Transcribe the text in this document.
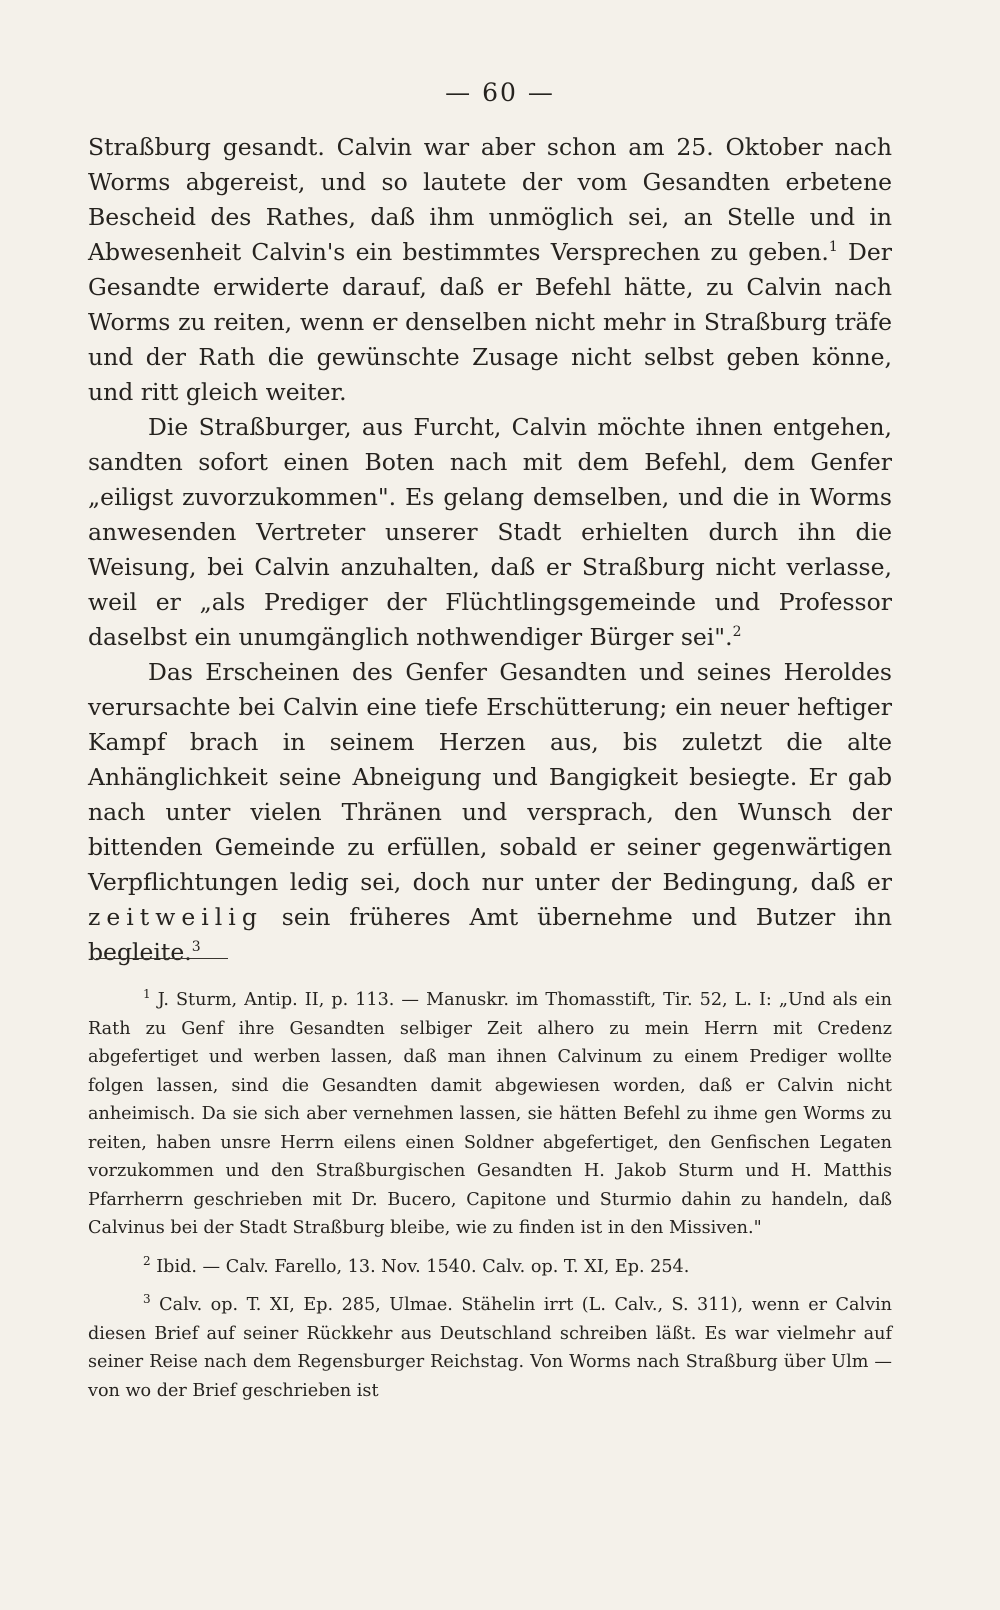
— 60 —

Straßburg gesandt. Calvin war aber schon am 25. Oktober nach Worms abgereist, und so lautete der vom Gesandten erbetene Bescheid des Rathes, daß ihm unmöglich sei, an Stelle und in Abwesenheit Calvin's ein bestimmtes Versprechen zu geben.$^1$ Der Gesandte erwiderte darauf, daß er Befehl hätte, zu Calvin nach Worms zu reiten, wenn er denselben nicht mehr in Straßburg träfe und der Rath die gewünschte Zusage nicht selbst geben könne, und ritt gleich weiter.

Die Straßburger, aus Furcht, Calvin möchte ihnen entgehen, sandten sofort einen Boten nach mit dem Befehl, dem Genfer „eiligst zuvorzukommen". Es gelang demselben, und die in Worms anwesenden Vertreter unserer Stadt erhielten durch ihn die Weisung, bei Calvin anzuhalten, daß er Straßburg nicht verlasse, weil er „als Prediger der Flüchtlingsgemeinde und Professor daselbst ein unumgänglich nothwendiger Bürger sei".$^2$

Das Erscheinen des Genfer Gesandten und seines Heroldes verursachte bei Calvin eine tiefe Erschütterung; ein neuer heftiger Kampf brach in seinem Herzen aus, bis zuletzt die alte Anhänglichkeit seine Abneigung und Bangigkeit besiegte. Er gab nach unter vielen Thränen und versprach, den Wunsch der bittenden Gemeinde zu erfüllen, sobald er seiner gegenwärtigen Verpflichtungen ledig sei, doch nur unter der Bedingung, daß er zeitweilig sein früheres Amt übernehme und Butzer ihn begleite.$^3$

$^1$ J. Sturm, Antip. II, p. 113. — Manuskr. im Thomasstift, Tir. 52, L. I: „Und als ein Rath zu Genf ihre Gesandten selbiger Zeit alhero zu mein Herrn mit Credenz abgefertiget und werben lassen, daß man ihnen Calvinum zu einem Prediger wollte folgen lassen, sind die Gesandten damit abgewiesen worden, daß er Calvin nicht anheimisch. Da sie sich aber vernehmen lassen, sie hätten Befehl zu ihme gen Worms zu reiten, haben unsre Herrn eilens einen Soldner abgefertiget, den Genfischen Legaten vorzukommen und den Straßburgischen Gesandten H. Jakob Sturm und H. Matthis Pfarrherrn geschrieben mit Dr. Bucero, Capitone und Sturmio dahin zu handeln, daß Calvinus bei der Stadt Straßburg bleibe, wie zu finden ist in den Missiven."

$^2$ Ibid. — Calv. Farello, 13. Nov. 1540. Calv. op. T. XI, Ep. 254.

$^3$ Calv. op. T. XI, Ep. 285, Ulmae. Stähelin irrt (L. Calv., S. 311), wenn er Calvin diesen Brief auf seiner Rückkehr aus Deutschland schreiben läßt. Es war vielmehr auf seiner Reise nach dem Regensburger Reichstag. Von Worms nach Straßburg über Ulm — von wo der Brief geschrieben ist
